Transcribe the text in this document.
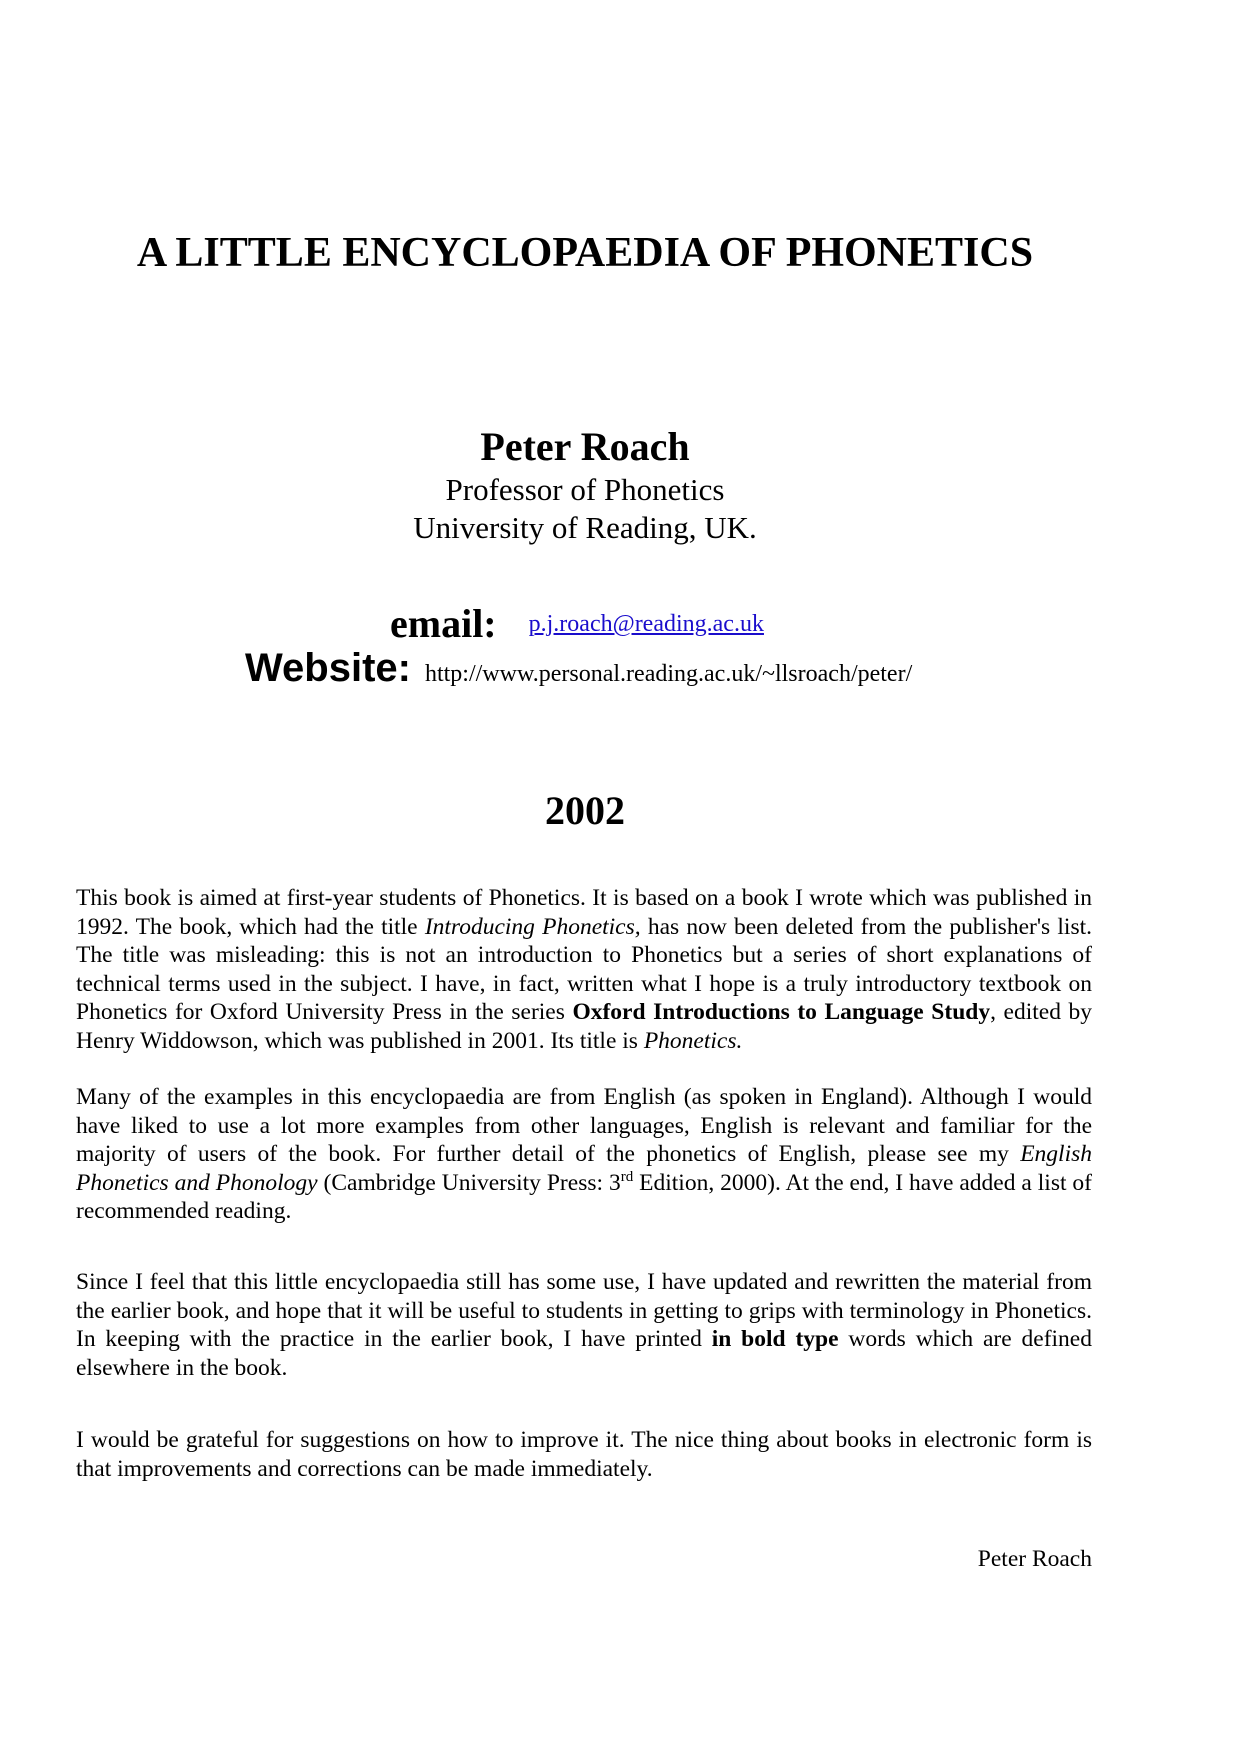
A LITTLE ENCYCLOPAEDIA OF PHONETICS
Peter Roach
Professor of Phonetics
University of Reading, UK.
email: p.j.roach@reading.ac.uk
Website: http://www.personal.reading.ac.uk/~llsroach/peter/
2002

This book is aimed at first-year students of Phonetics. It is based on a book I wrote which was published in 1992. The book, which had the title Introducing Phonetics, has now been deleted from the publisher's list. The title was misleading: this is not an introduction to Phonetics but a series of short explanations of technical terms used in the subject. I have, in fact, written what I hope is a truly introductory textbook on Phonetics for Oxford University Press in the series Oxford Introductions to Language Study, edited by Henry Widdowson, which was published in 2001. Its title is Phonetics.

Many of the examples in this encyclopaedia are from English (as spoken in England). Although I would have liked to use a lot more examples from other languages, English is relevant and familiar for the majority of users of the book. For further detail of the phonetics of English, please see my English Phonetics and Phonology (Cambridge University Press: 3rd Edition, 2000). At the end, I have added a list of recommended reading.

Since I feel that this little encyclopaedia still has some use, I have updated and rewritten the material from the earlier book, and hope that it will be useful to students in getting to grips with terminology in Phonetics. In keeping with the practice in the earlier book, I have printed in bold type words which are defined elsewhere in the book.

I would be grateful for suggestions on how to improve it. The nice thing about books in electronic form is that improvements and corrections can be made immediately.

Peter Roach
